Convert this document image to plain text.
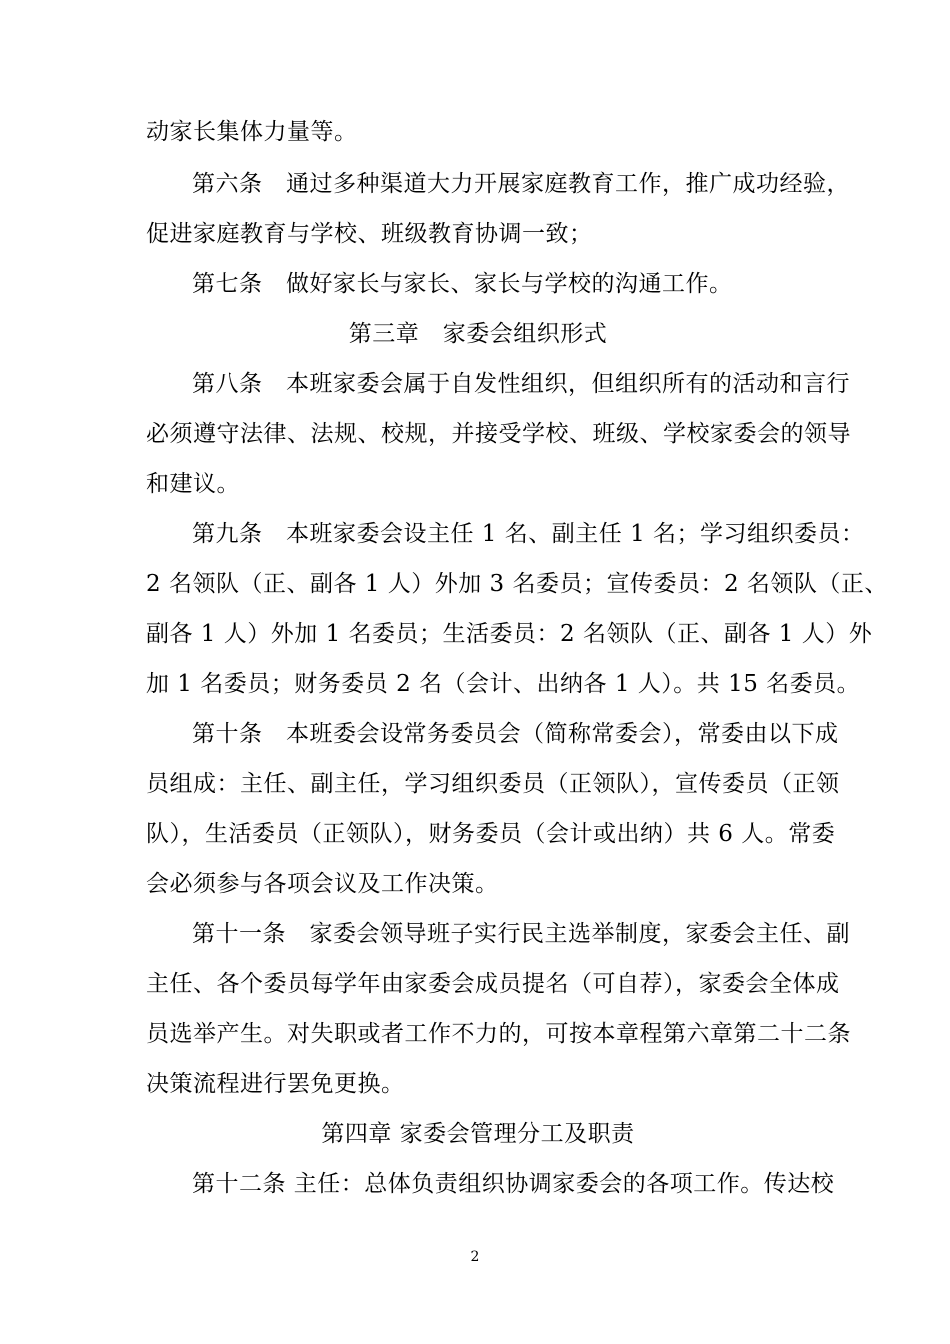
动家长集体力量等。
第六条　通过多种渠道大力开展家庭教育工作，推广成功经验，
促进家庭教育与学校、班级教育协调一致；
第七条　做好家长与家长、家长与学校的沟通工作。
第三章　家委会组织形式
第八条　本班家委会属于自发性组织，但组织所有的活动和言行
必须遵守法律、法规、校规，并接受学校、班级、学校家委会的领导
和建议。
第九条　本班家委会设主任 1 名、副主任 1 名；学习组织委员：
2 名领队（正、副各 1 人）外加 3 名委员；宣传委员：2 名领队（正、
副各 1 人）外加 1 名委员；生活委员：2 名领队（正、副各 1 人）外
加 1 名委员；财务委员 2 名（会计、出纳各 1 人）。共 15 名委员。
第十条　本班委会设常务委员会（简称常委会），常委由以下成
员组成：主任、副主任，学习组织委员（正领队），宣传委员（正领
队），生活委员（正领队），财务委员（会计或出纳）共 6 人。常委
会必须参与各项会议及工作决策。
第十一条　家委会领导班子实行民主选举制度，家委会主任、副
主任、各个委员每学年由家委会成员提名（可自荐），家委会全体成
员选举产生。对失职或者工作不力的，可按本章程第六章第二十二条
决策流程进行罢免更换。
第四章 家委会管理分工及职责
第十二条 主任：总体负责组织协调家委会的各项工作。传达校
2
